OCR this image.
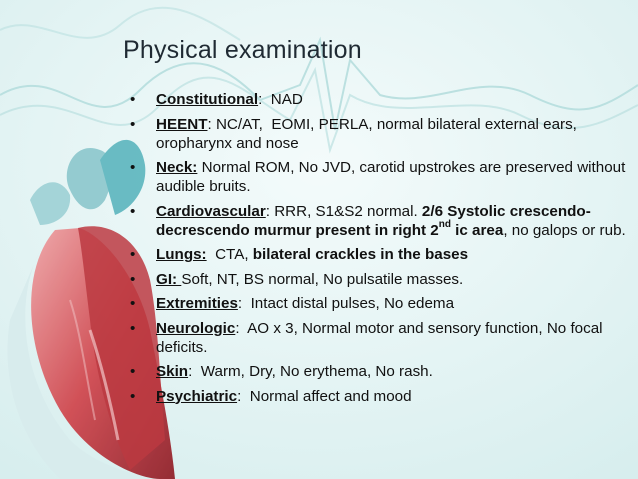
Physical examination
• Constitutional:  NAD
• HEENT: NC/AT,  EOMI, PERLA, normal bilateral external ears, oropharynx and nose
• Neck: Normal ROM, No JVD, carotid upstrokes are preserved without audible bruits.
• Cardiovascular: RRR, S1&S2 normal. 2/6 Systolic crescendo-decrescendo murmur present in right 2nd ic area, no galops or rub.
• Lungs: CTA, bilateral crackles in the bases
• GI: Soft, NT, BS normal, No pulsatile masses.
• Extremities:  Intact distal pulses, No edema
• Neurologic:  AO x 3, Normal motor and sensory function, No focal deficits.
• Skin:  Warm, Dry, No erythema, No rash.
• Psychiatric:  Normal affect and mood
